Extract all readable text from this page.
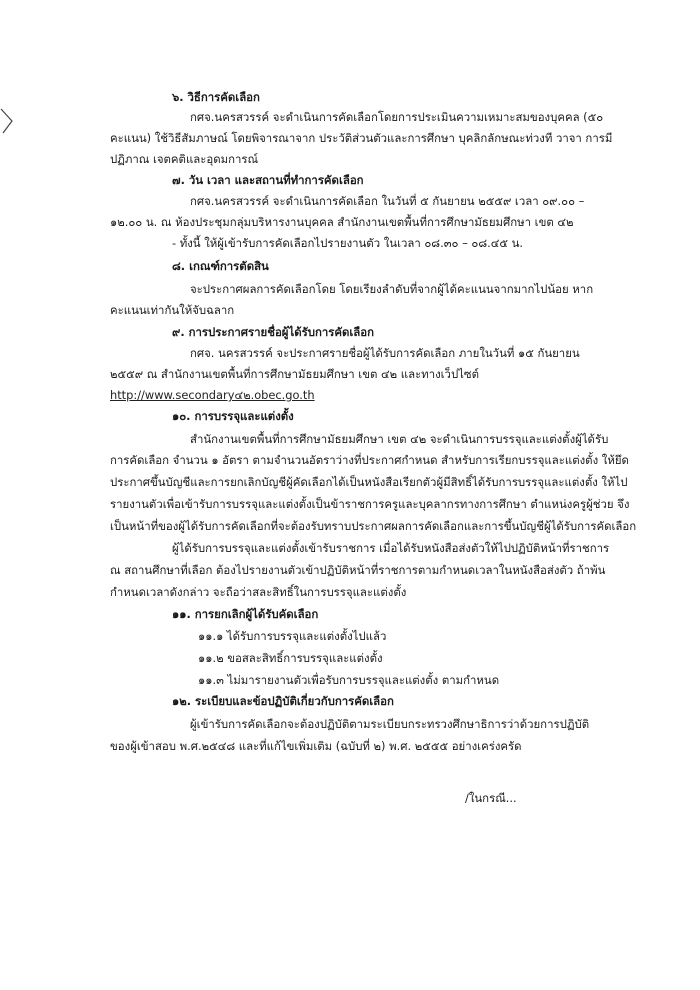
๖. วิธีการคัดเลือก
กศจ.นครสวรรค์ จะดำเนินการคัดเลือกโดยการประเมินความเหมาะสมของบุคคล (๕๐
คะแนน) ใช้วิธีสัมภาษณ์ โดยพิจารณาจาก ประวัติส่วนตัวและการศึกษา บุคลิกลักษณะท่วงที วาจา การมี
ปฏิภาณ เจตคติและอุดมการณ์
๗. วัน เวลา และสถานที่ทำการคัดเลือก
กศจ.นครสวรรค์ จะดำเนินการคัดเลือก ในวันที่ ๕ กันยายน ๒๕๕๙ เวลา ๐๙.๐๐ –
๑๒.๐๐ น. ณ ห้องประชุมกลุ่มบริหารงานบุคคล สำนักงานเขตพื้นที่การศึกษามัธยมศึกษา เขต ๔๒
- ทั้งนี้ ให้ผู้เข้ารับการคัดเลือกไปรายงานตัว ในเวลา ๐๘.๓๐ – ๐๘.๔๕ น.
๘. เกณฑ์การตัดสิน
จะประกาศผลการคัดเลือกโดย โดยเรียงลำดับที่จากผู้ได้คะแนนจากมากไปน้อย หาก
คะแนนเท่ากันให้จับฉลาก
๙. การประกาศรายชื่อผู้ได้รับการคัดเลือก
กศจ. นครสวรรค์ จะประกาศรายชื่อผู้ได้รับการคัดเลือก ภายในวันที่ ๑๕ กันยายน
๒๕๕๙ ณ สำนักงานเขตพื้นที่การศึกษามัธยมศึกษา เขต ๔๒ และทางเว็ปไซต์
http://www.secondary๔๒.obec.go.th
๑๐. การบรรจุและแต่งตั้ง
สำนักงานเขตพื้นที่การศึกษามัธยมศึกษา เขต ๔๒ จะดำเนินการบรรจุและแต่งตั้งผู้ได้รับ
การคัดเลือก จำนวน ๑ อัตรา ตามจำนวนอัตราว่างที่ประกาศกำหนด สำหรับการเรียกบรรจุและแต่งตั้ง ให้ยึด
ประกาศขึ้นบัญชีและการยกเลิกบัญชีผู้คัดเลือกได้เป็นหนังสือเรียกตัวผู้มีสิทธิ์ได้รับการบรรจุและแต่งตั้ง ให้ไป
รายงานตัวเพื่อเข้ารับการบรรจุและแต่งตั้งเป็นข้าราชการครูและบุคลากรทางการศึกษา ตำแหน่งครูผู้ช่วย จึง
เป็นหน้าที่ของผู้ได้รับการคัดเลือกที่จะต้องรับทราบประกาศผลการคัดเลือกและการขึ้นบัญชีผู้ได้รับการคัดเลือก
ผู้ได้รับการบรรจุและแต่งตั้งเข้ารับราชการ เมื่อได้รับหนังสือส่งตัวให้ไปปฏิบัติหน้าที่ราชการ
ณ สถานศึกษาที่เลือก ต้องไปรายงานตัวเข้าปฏิบัติหน้าที่ราชการตามกำหนดเวลาในหนังสือส่งตัว ถ้าพ้น
กำหนดเวลาดังกล่าว จะถือว่าสละสิทธิ์ในการบรรจุและแต่งตั้ง
๑๑. การยกเลิกผู้ได้รับคัดเลือก
๑๑.๑ ได้รับการบรรจุและแต่งตั้งไปแล้ว
๑๑.๒ ขอสละสิทธิ์การบรรจุและแต่งตั้ง
๑๑.๓ ไม่มารายงานตัวเพื่อรับการบรรจุและแต่งตั้ง ตามกำหนด
๑๒. ระเบียบและข้อปฏิบัติเกี่ยวกับการคัดเลือก
ผู้เข้ารับการคัดเลือกจะต้องปฏิบัติตามระเบียบกระทรวงศึกษาธิการว่าด้วยการปฏิบัติ
ของผู้เข้าสอบ พ.ศ.๒๕๔๘ และที่แก้ไขเพิ่มเติม (ฉบับที่ ๒) พ.ศ. ๒๕๕๕ อย่างเคร่งครัด
/ในกรณี...
